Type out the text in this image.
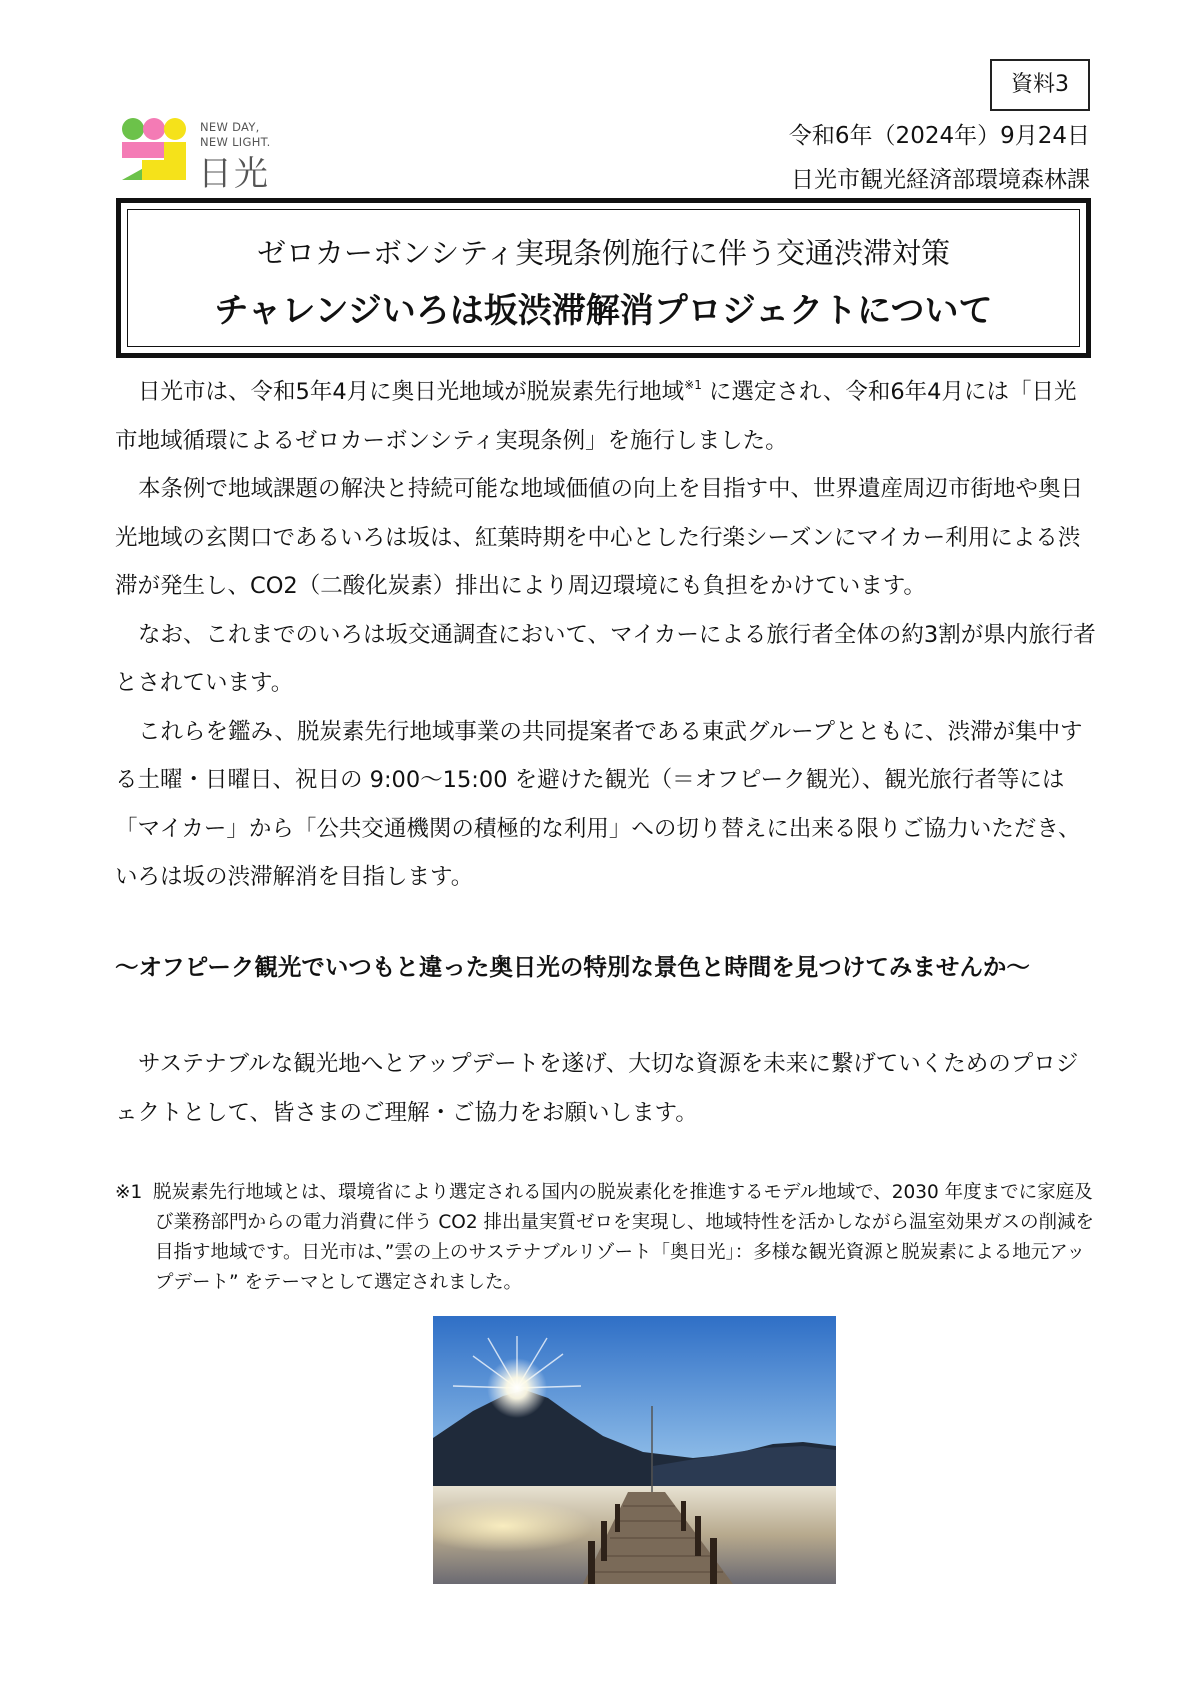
資料3
NEW DAY,
NEW LIGHT.
日光
令和6年（2024年）9月24日
日光市観光経済部環境森林課
ゼロカーボンシティ実現条例施行に伴う交通渋滞対策
チャレンジいろは坂渋滞解消プロジェクトについて

日光市は、令和5年4月に奥日光地域が脱炭素先行地域$^{※1}$ に選定され、令和6年4月には「日光市地域循環によるゼロカーボンシティ実現条例」を施行しました。

本条例で地域課題の解決と持続可能な地域価値の向上を目指す中、世界遺産周辺市街地や奥日光地域の玄関口であるいろは坂は、紅葉時期を中心とした行楽シーズンにマイカー利用による渋滞が発生し、CO2（二酸化炭素）排出により周辺環境にも負担をかけています。

なお、これまでのいろは坂交通調査において、マイカーによる旅行者全体の約3割が県内旅行者とされています。

これらを鑑み、脱炭素先行地域事業の共同提案者である東武グループとともに、渋滞が集中する土曜・日曜日、祝日の 9:00～15:00 を避けた観光（＝オフピーク観光）、観光旅行者等には「マイカー」から「公共交通機関の積極的な利用」への切り替えに出来る限りご協力いただき、いろは坂の渋滞解消を目指します。

～オフピーク観光でいつもと違った奥日光の特別な景色と時間を見つけてみませんか～

サステナブルな観光地へとアップデートを遂げ、大切な資源を未来に繋げていくためのプロジェクトとして、皆さまのご理解・ご協力をお願いします。

※1 脱炭素先行地域とは、環境省により選定される国内の脱炭素化を推進するモデル地域で、2030 年度までに家庭及び業務部門からの電力消費に伴う CO2 排出量実質ゼロを実現し、地域特性を活かしながら温室効果ガスの削減を目指す地域です。日光市は、”雲の上のサステナブルリゾート「奥日光」：多様な観光資源と脱炭素による地元アップデート” をテーマとして選定されました。
